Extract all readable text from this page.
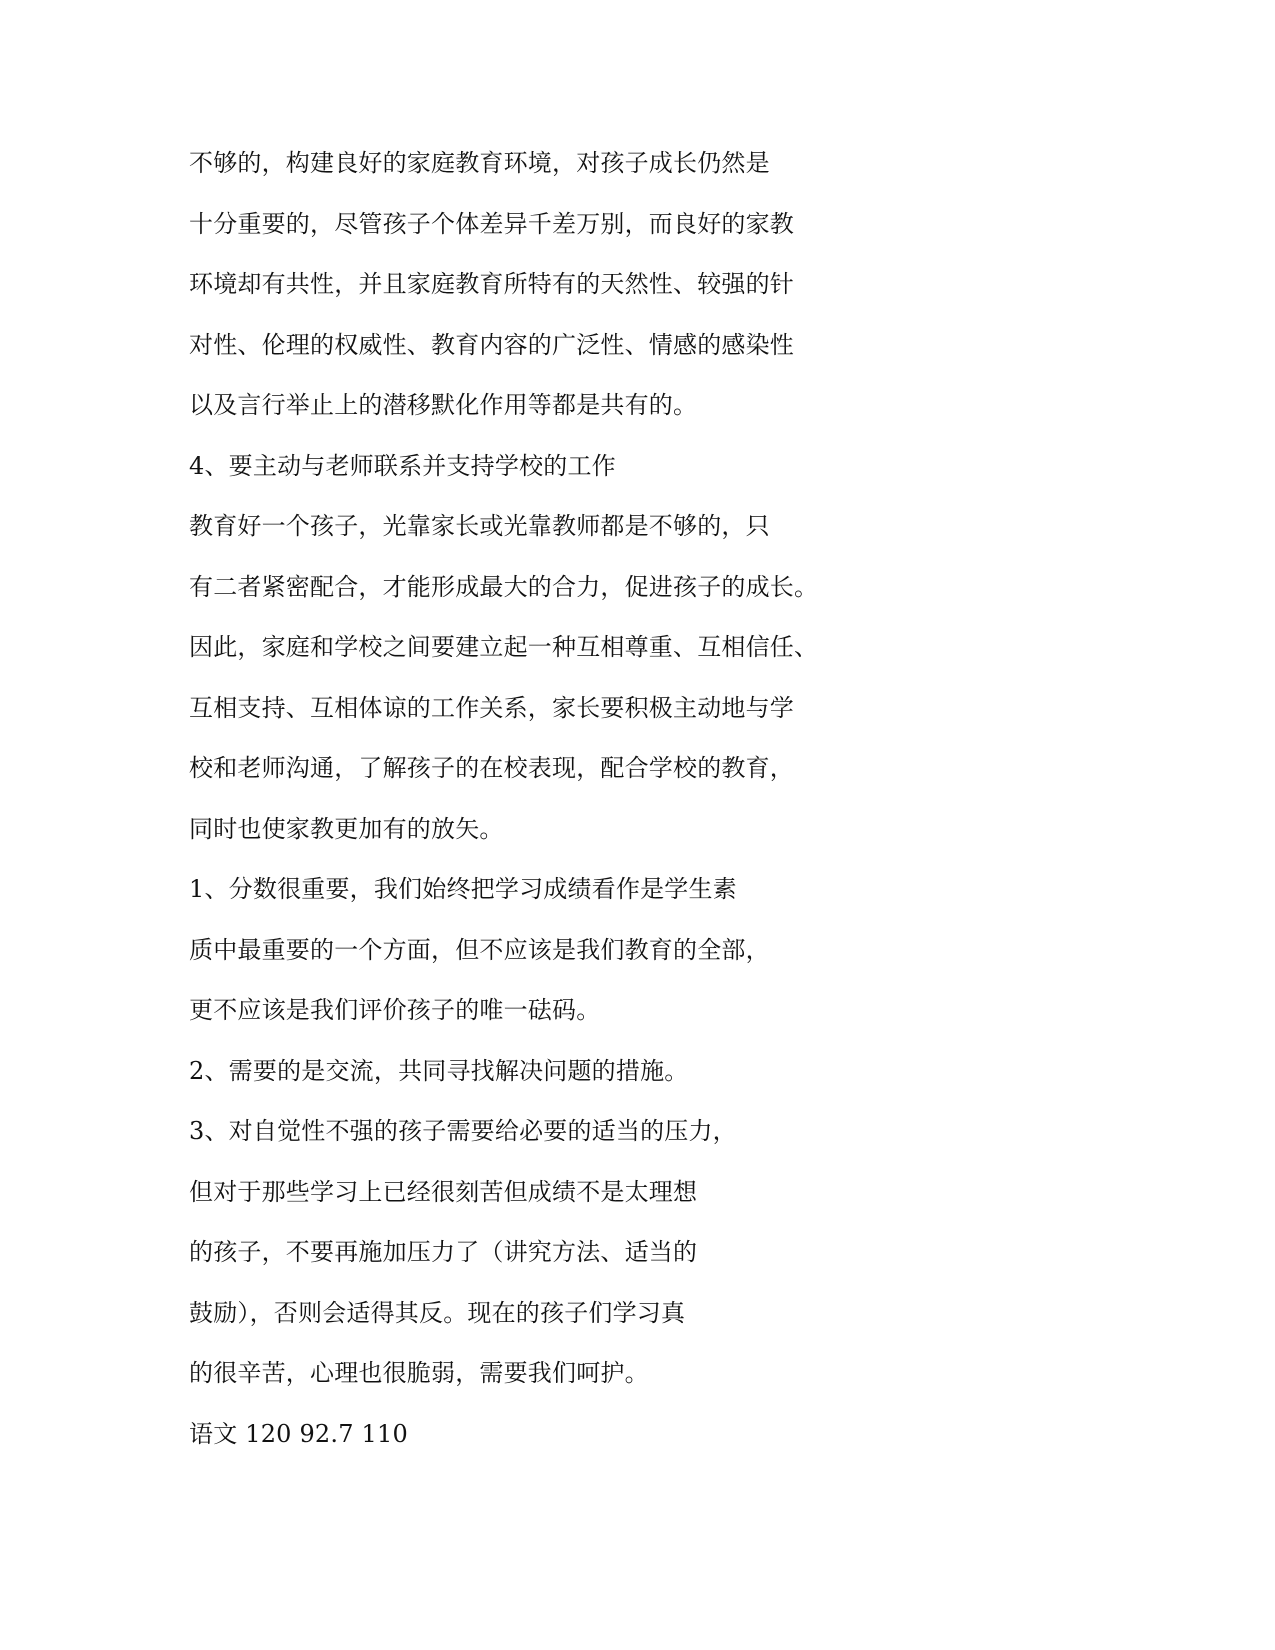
不够的，构建良好的家庭教育环境，对孩子成长仍然是
十分重要的，尽管孩子个体差异千差万别，而良好的家教
环境却有共性，并且家庭教育所特有的天然性、较强的针
对性、伦理的权威性、教育内容的广泛性、情感的感染性
以及言行举止上的潜移默化作用等都是共有的。
4、要主动与老师联系并支持学校的工作
教育好一个孩子，光靠家长或光靠教师都是不够的，只
有二者紧密配合，才能形成最大的合力，促进孩子的成长。
因此，家庭和学校之间要建立起一种互相尊重、互相信任、
互相支持、互相体谅的工作关系，家长要积极主动地与学
校和老师沟通，了解孩子的在校表现，配合学校的教育，
同时也使家教更加有的放矢。
1、分数很重要，我们始终把学习成绩看作是学生素
质中最重要的一个方面，但不应该是我们教育的全部，
更不应该是我们评价孩子的唯一砝码。
2、需要的是交流，共同寻找解决问题的措施。
3、对自觉性不强的孩子需要给必要的适当的压力，
但对于那些学习上已经很刻苦但成绩不是太理想
的孩子，不要再施加压力了（讲究方法、适当的
鼓励），否则会适得其反。现在的孩子们学习真
的很辛苦，心理也很脆弱，需要我们呵护。
语文 120 92.7 110
